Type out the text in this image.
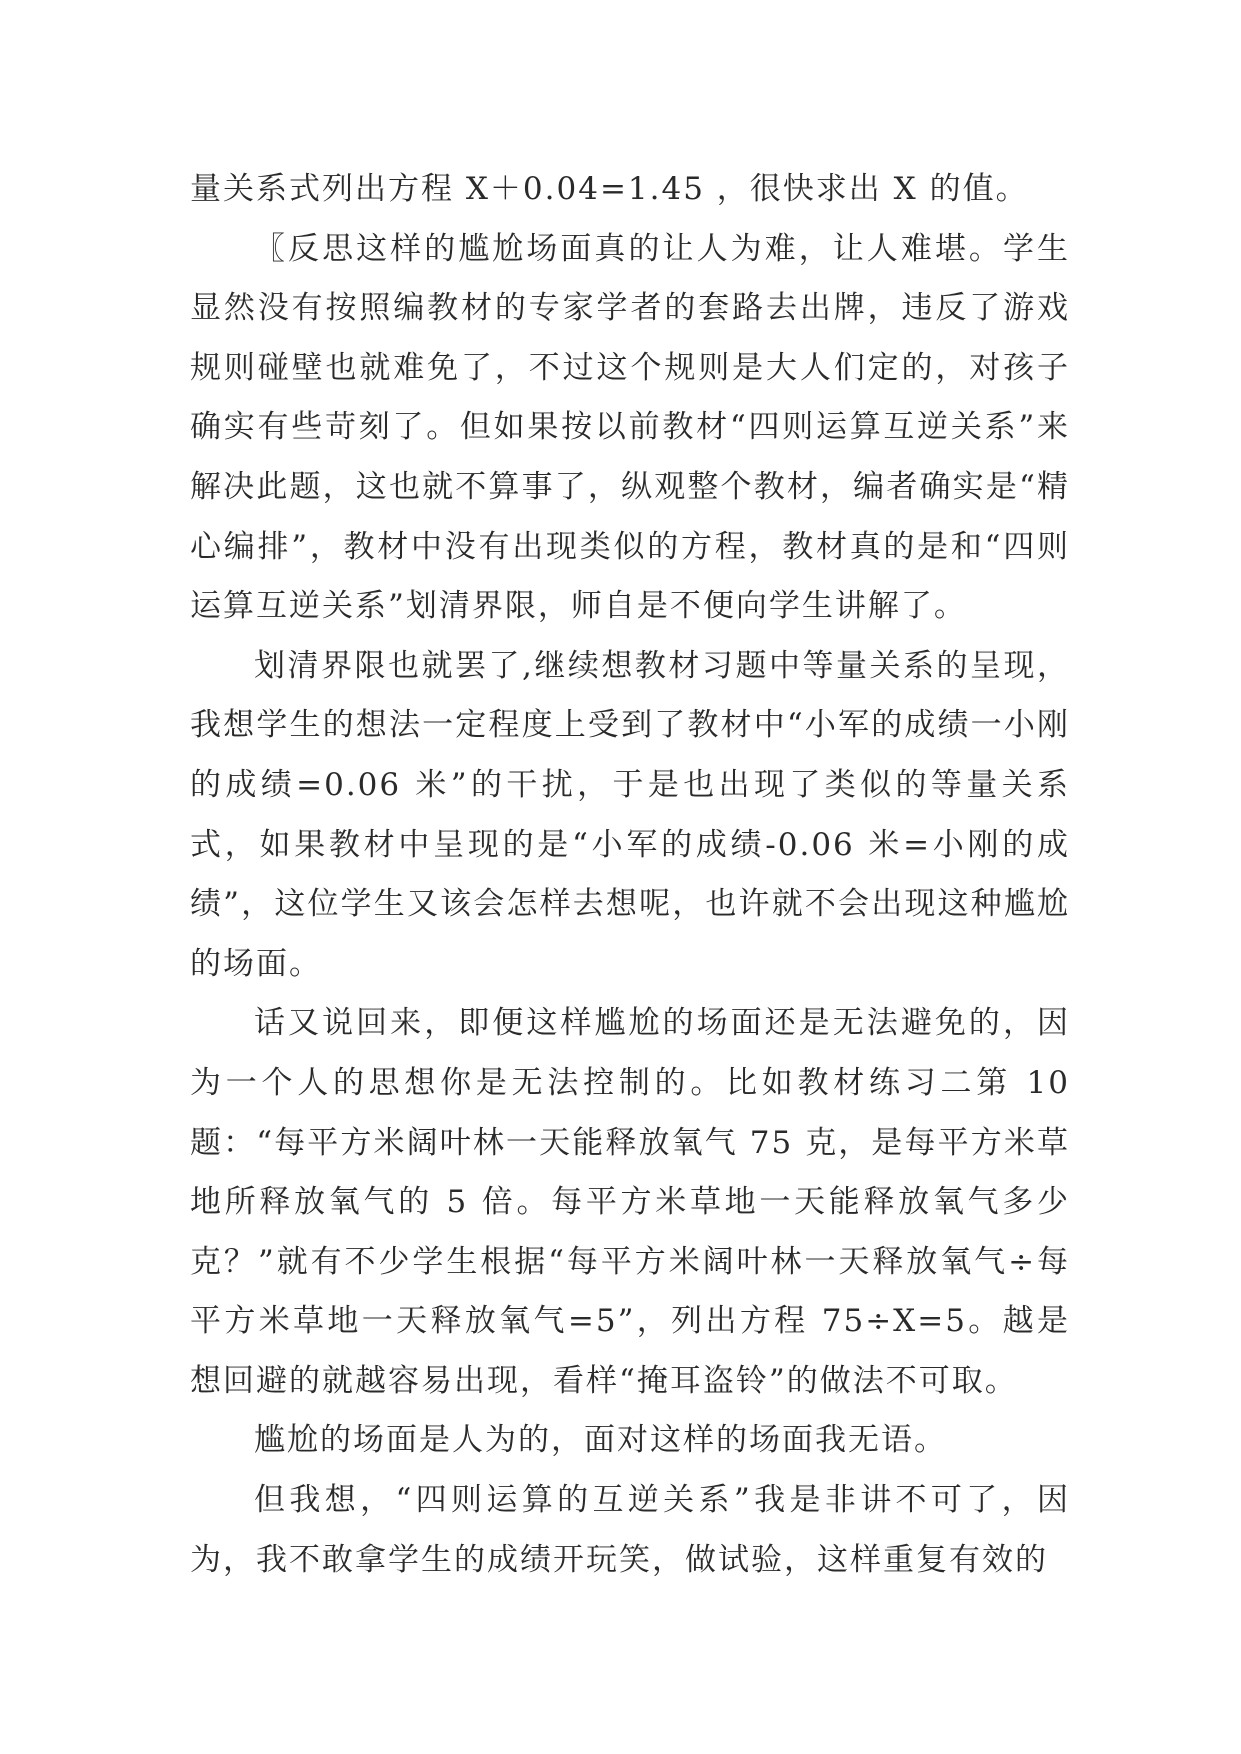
量关系式列出方程 X＋0.04=1.45 ，很快求出 X 的值。

〖反思这样的尴尬场面真的让人为难，让人难堪。学生显然没有按照编教材的专家学者的套路去出牌，违反了游戏规则碰壁也就难免了，不过这个规则是大人们定的，对孩子确实有些苛刻了。但如果按以前教材“四则运算互逆关系”来解决此题，这也就不算事了，纵观整个教材，编者确实是“精心编排”，教材中没有出现类似的方程，教材真的是和“四则运算互逆关系”划清界限，师自是不便向学生讲解了。

划清界限也就罢了,继续想教材习题中等量关系的呈现，我想学生的想法一定程度上受到了教材中“小军的成绩一小刚的成绩=0.06 米”的干扰，于是也出现了类似的等量关系式，如果教材中呈现的是“小军的成绩-0.06 米=小刚的成绩”，这位学生又该会怎样去想呢，也许就不会出现这种尴尬的场面。

话又说回来，即便这样尴尬的场面还是无法避免的，因为一个人的思想你是无法控制的。比如教材练习二第 10 题：“每平方米阔叶林一天能释放氧气 75 克，是每平方米草地所释放氧气的 5 倍。每平方米草地一天能释放氧气多少克？”就有不少学生根据“每平方米阔叶林一天释放氧气÷每平方米草地一天释放氧气=5”，列出方程 75÷X=5。越是想回避的就越容易出现，看样“掩耳盗铃”的做法不可取。

尴尬的场面是人为的，面对这样的场面我无语。

但我想，“四则运算的互逆关系”我是非讲不可了，因为，我不敢拿学生的成绩开玩笑，做试验，这样重复有效的
